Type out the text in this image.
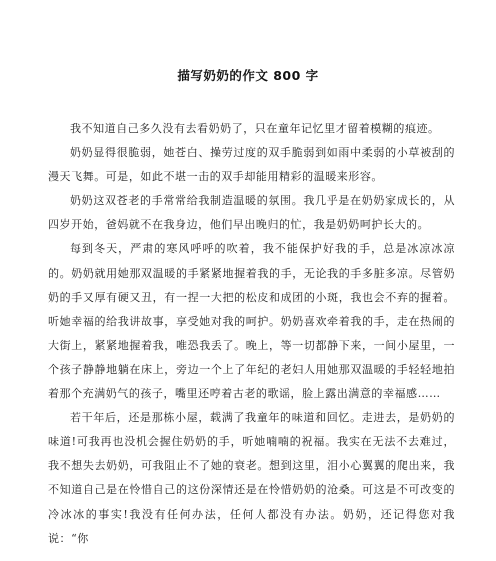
描写奶奶的作文 800 字

我不知道自己多久没有去看奶奶了，只在童年记忆里才留着模糊的痕迹。

奶奶显得很脆弱，她苍白、操劳过度的双手脆弱到如雨中柔弱的小草被刮的漫天飞舞。可是，如此不堪一击的双手却能用精彩的温暖来形容。

奶奶这双苍老的手常常给我制造温暖的氛围。我几乎是在奶奶家成长的，从四岁开始，爸妈就不在我身边，他们早出晚归的忙，我是奶奶呵护长大的。

每到冬天，严肃的寒风呼呼的吹着，我不能保护好我的手，总是冰凉冰凉的。奶奶就用她那双温暖的手紧紧地握着我的手，无论我的手多脏多凉。尽管奶奶的手又厚有硬又丑，有一捏一大把的松皮和成团的小斑，我也会不弃的握着。听她幸福的给我讲故事，享受她对我的呵护。奶奶喜欢牵着我的手，走在热闹的大街上，紧紧地握着我，唯恐我丢了。晚上，等一切都静下来，一间小屋里，一个孩子静静地躺在床上，旁边一个上了年纪的老妇人用她那双温暖的手轻轻地拍着那个充满奶气的孩子，嘴里还哼着古老的歌谣，脸上露出满意的幸福感……

若干年后，还是那栋小屋，载满了我童年的味道和回忆。走进去，是奶奶的味道!可我再也没机会握住奶奶的手，听她喃喃的祝福。我实在无法不去难过，我不想失去奶奶，可我阻止不了她的衰老。想到这里，泪小心翼翼的爬出来，我不知道自己是在怜惜自己的这份深情还是在怜惜奶奶的沧桑。可这是不可改变的冷冰冰的事实!我没有任何办法，任何人都没有办法。奶奶，还记得您对我说：“你
